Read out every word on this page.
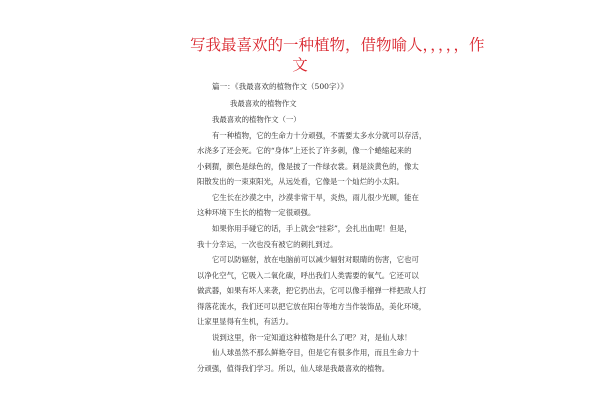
写我最喜欢的一种植物，借物喻人，，，，，作
文
篇一：《我最喜欢的植物作文（500字）》
我最喜欢的植物作文
我最喜欢的植物作文（一）
有一种植物，它的生命力十分顽强，不需要太多水分就可以存活，
水浇多了还会死。它的“身体”上还长了许多刺，像一个蜷缩起来的
小刺猬，颜色是绿色的，像是披了一件绿衣裳。刺是淡黄色的，像太
阳散发出的一束束阳光，从远处看，它像是一个灿烂的小太阳。
它生长在沙漠之中，沙漠非常干旱，炎热，雨儿很少光顾，能在
这种环境下生长的植物一定很顽强。
如果你用手碰它的话，手上就会“挂彩”，会扎出血呢！但是，
我十分幸运，一次也没有被它的刺扎到过。
它可以防辐射，放在电脑前可以减少辐射对眼睛的伤害，它也可
以净化空气，它吸入二氧化碳，呼出我们人类需要的氧气。它还可以
做武器，如果有坏人来袭，把它扔出去，它可以像手榴弹一样把敌人打
得落花流水，我们还可以把它放在阳台等地方当作装饰品，美化环境，
让家里显得有生机，有活力。
说到这里，你一定知道这种植物是什么了吧？对，是仙人球！
仙人球虽然不那么鲜艳夺目，但是它有很多作用，而且生命力十
分顽强，值得我们学习。所以，仙人球是我最喜欢的植物。
